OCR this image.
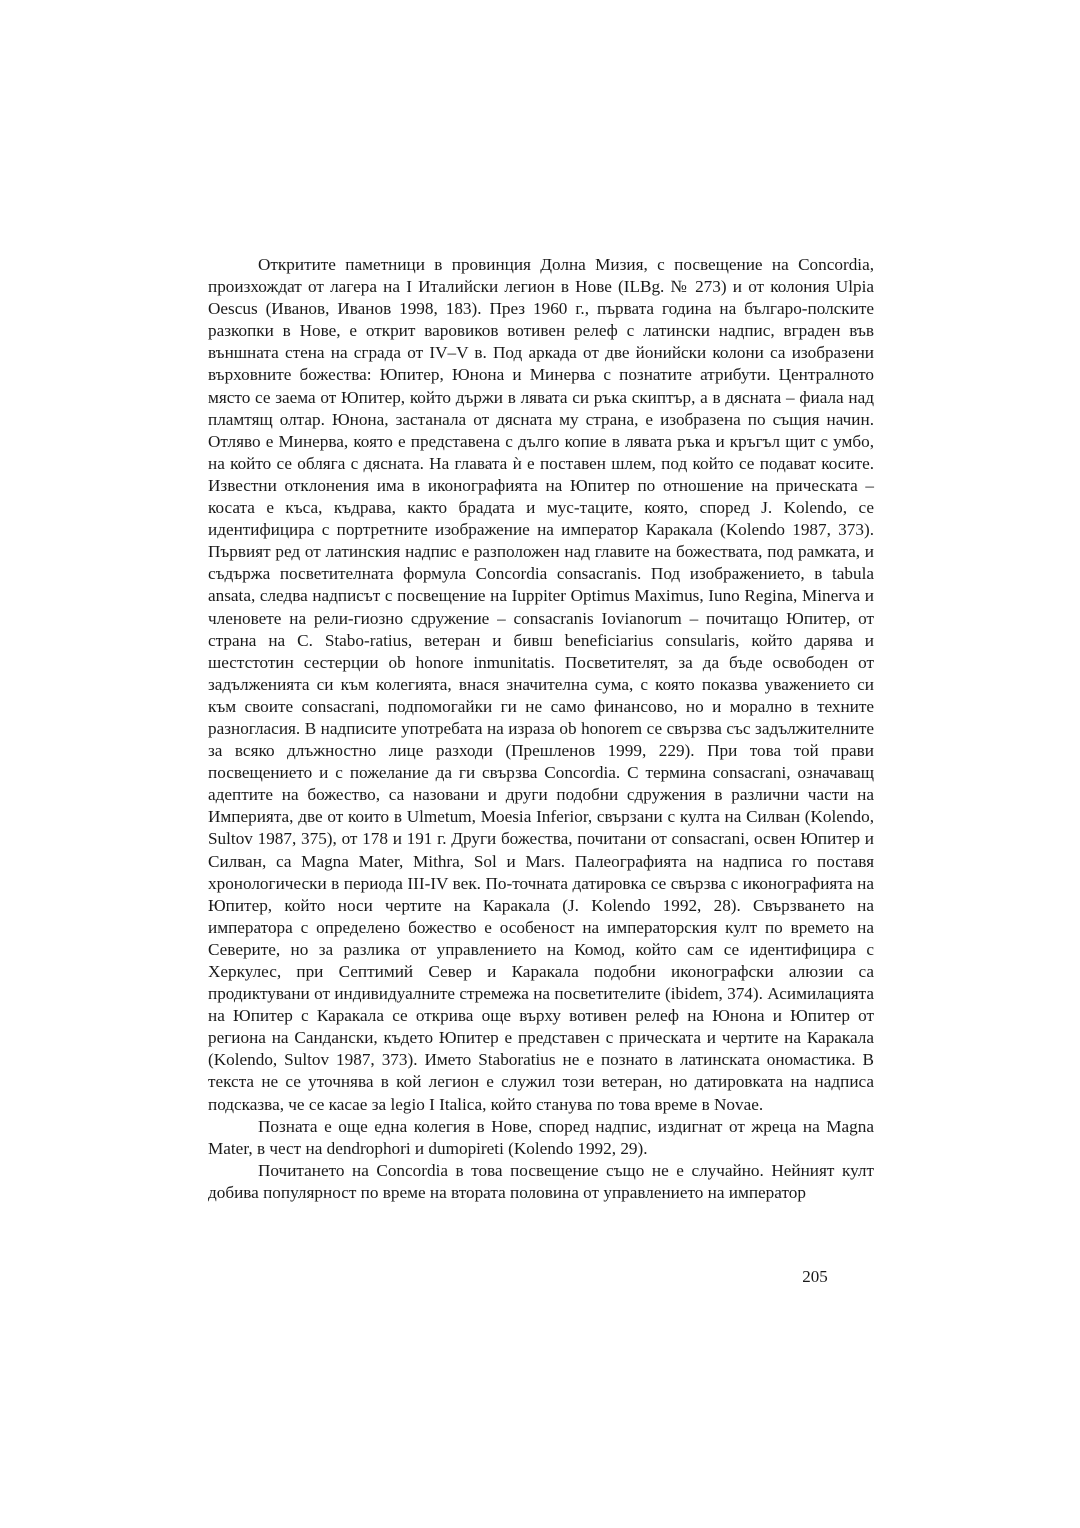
Откритите паметници в провинция Долна Мизия, с посвещение на Concordia, произхождат от лагера на I Италийски легион в Нове (ILBg. № 273) и от колония Ulpia Oescus (Иванов, Иванов 1998, 183). През 1960 г., първата година на българо-полските разкопки в Нове, е открит варовиков вотивен релеф с латински надпис, вграден във външната стена на сграда от IV–V в. Под аркада от две йонийски колони са изобразени върховните божества: Юпитер, Юнона и Минерва с познатите атрибути. Централното място се заема от Юпитер, който държи в лявата си ръка скиптър, а в дясната – фиала над пламтящ олтар. Юнона, застанала от дясната му страна, е изобразена по същия начин. Отляво е Минерва, която е представена с дълго копие в лявата ръка и кръгъл щит с умбо, на който се обляга с дясната. На главата ѝ е поставен шлем, под който се подават косите. Известни отклонения има в иконографията на Юпитер по отношение на прическата – косата е къса, къдрава, както брадата и мус-таците, която, според J. Kolendo, се идентифицира с портретните изображение на император Каракала (Kolendo 1987, 373). Първият ред от латинския надпис е разположен над главите на божествата, под рамката, и съдържа посветителната формула Concordia consacranis. Под изображението, в tabula ansata, следва надписът с посвещение на Iuppiter Optimus Maximus, Iuno Regina, Minerva и членовете на рели-гиозно сдружение – consacranis Iovianorum – почитащо Юпитер, от страна на C. Stabo-ratius, ветеран и бивш beneficiarius consularis, който дарява и шестстотин сестерции ob honore inmunitatis. Посветителят, за да бъде освободен от задълженията си към колегията, внася значителна сума, с която показва уважението си към своите consacrani, подпомогайки ги не само финансово, но и морално в техните разногласия. В надписите употребата на израза ob honorem се свързва със задължителните за всяко длъжностно лице разходи (Прешленов 1999, 229). При това той прави посвещението и с пожелание да ги свързва Concordia. С термина consacrani, означаващ адептите на божество, са назовани и други подобни сдружения в различни части на Империята, две от които в Ulmetum, Moesia Inferior, свързани с култа на Силван (Kolendo, Sultov 1987, 375), от 178 и 191 г. Други божества, почитани от consacrani, освен Юпитер и Силван, са Magna Mater, Mithra, Sol и Mars. Палеографията на надписа го поставя хронологически в периода III-IV век. По-точната датировка се свързва с иконографията на Юпитер, който носи чертите на Каракала (J. Kolendo 1992, 28). Свързването на императора с определено божество е особеност на императорския култ по времето на Северите, но за разлика от управлението на Комод, който сам се идентифицира с Херкулес, при Септимий Север и Каракала подобни иконографски алюзии са продиктувани от индивидуалните стремежа на посветителите (ibidem, 374). Асимилацията на Юпитер с Каракала се открива още върху вотивен релеф на Юнона и Юпитер от региона на Сандански, където Юпитер е представен с прическата и чертите на Каракала (Kolendo, Sultov 1987, 373). Името Staboratius не е познато в латинската ономастика. В текста не се уточнява в кой легион е служил този ветеран, но датировката на надписа подсказва, че се касае за legio I Italica, който станува по това време в Novae.

Позната е още една колегия в Нове, според надпис, издигнат от жреца на Magna Mater, в чест на dendrophori и dumopireti (Kolendo 1992, 29).

Почитането на Concordia в това посвещение също не е случайно. Нейният култ добива популярност по време на втората половина от управлението на император

205
